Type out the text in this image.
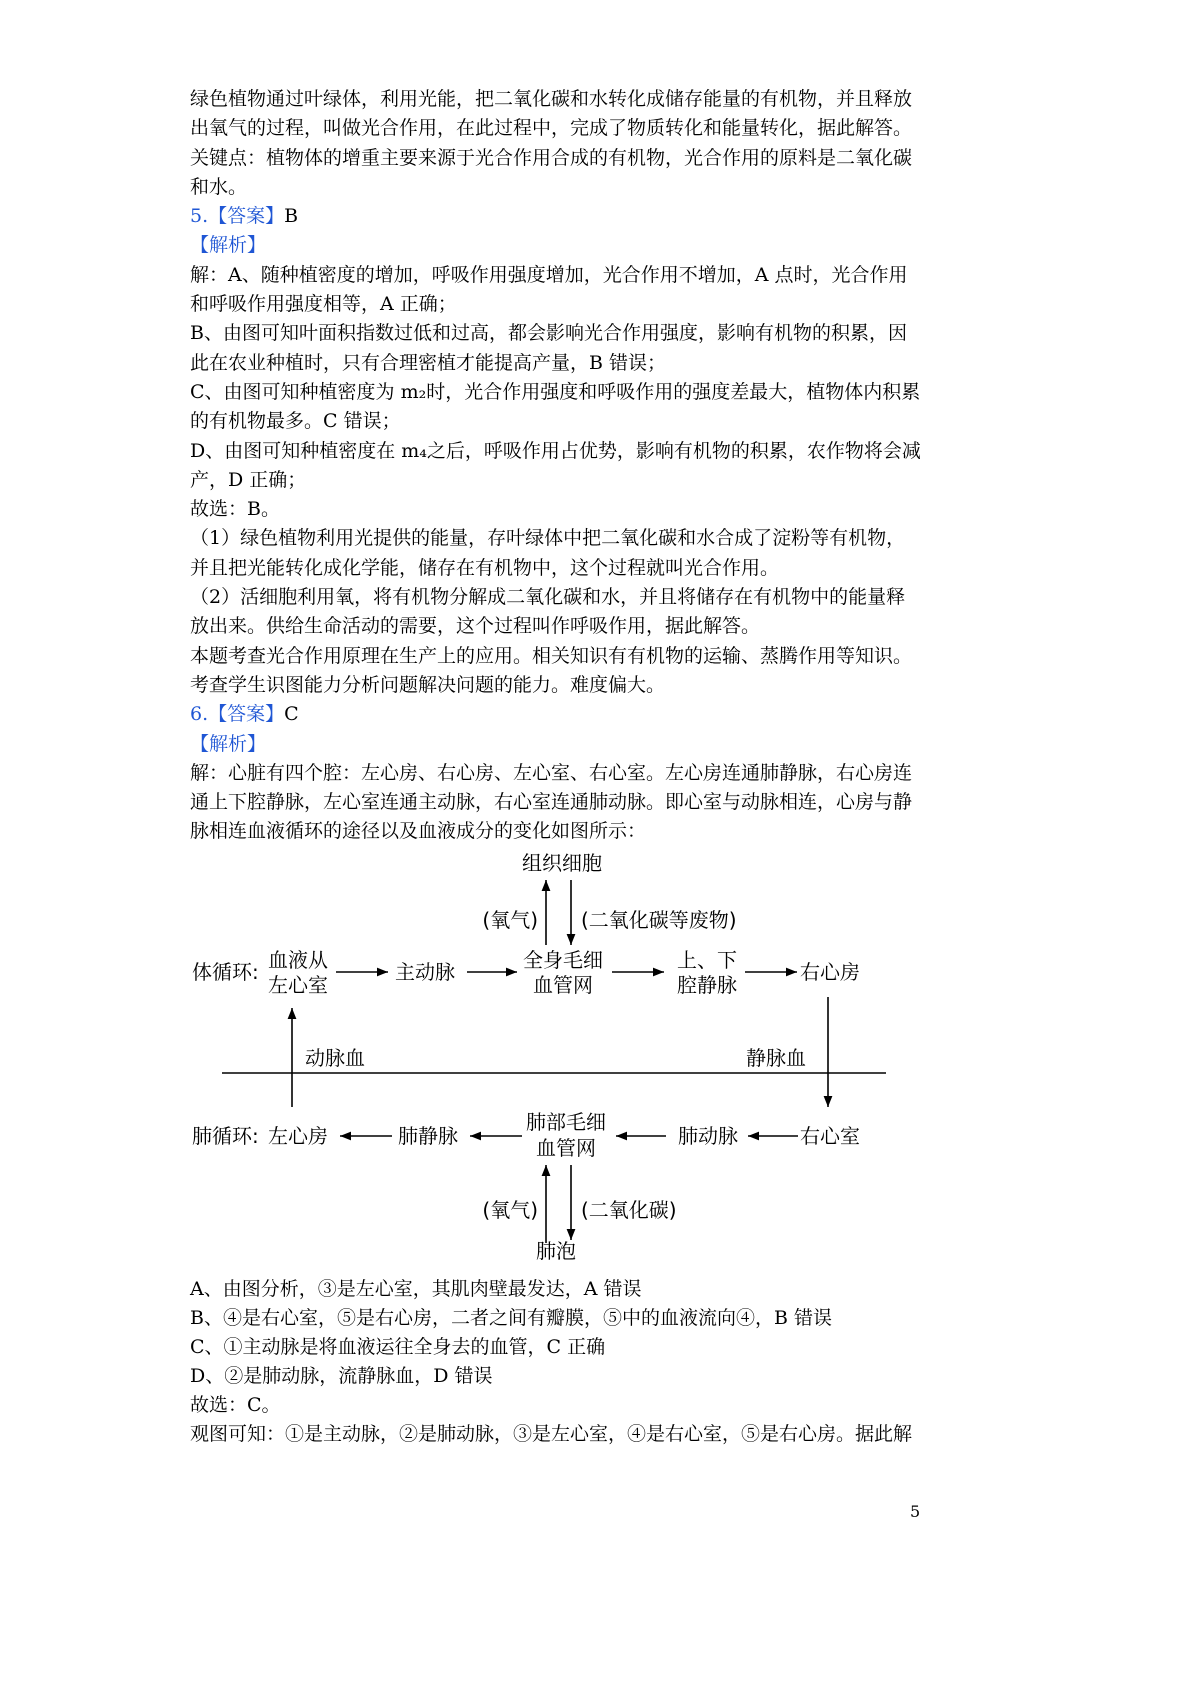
绿色植物通过叶绿体，利用光能，把二氧化碳和水转化成储存能量的有机物，并且释放
出氧气的过程，叫做光合作用，在此过程中，完成了物质转化和能量转化，据此解答。
关键点：植物体的增重主要来源于光合作用合成的有机物，光合作用的原料是二氧化碳
和水。
5.【答案】B
【解析】
解：A、随种植密度的增加，呼吸作用强度增加，光合作用不增加，A 点时，光合作用
和呼吸作用强度相等，A 正确；
B、由图可知叶面积指数过低和过高，都会影响光合作用强度，影响有机物的积累，因
此在农业种植时，只有合理密植才能提高产量，B 错误；
C、由图可知种植密度为 m₂时，光合作用强度和呼吸作用的强度差最大，植物体内积累
的有机物最多。C 错误；
D、由图可知种植密度在 m₄之后，呼吸作用占优势，影响有机物的积累，农作物将会减
产，D 正确；
故选：B。
（1）绿色植物利用光提供的能量，存叶绿体中把二氧化碳和水合成了淀粉等有机物，
并且把光能转化成化学能，储存在有机物中，这个过程就叫光合作用。
（2）活细胞利用氧，将有机物分解成二氧化碳和水，并且将储存在有机物中的能量释
放出来。供给生命活动的需要，这个过程叫作呼吸作用，据此解答。
本题考查光合作用原理在生产上的应用。相关知识有有机物的运输、蒸腾作用等知识。
考查学生识图能力分析问题解决问题的能力。难度偏大。
6.【答案】C
【解析】
解：心脏有四个腔：左心房、右心房、左心室、右心室。左心房连通肺静脉，右心房连
通上下腔静脉，左心室连通主动脉，右心室连通肺动脉。即心室与动脉相连，心房与静
脉相连血液循环的途径以及血液成分的变化如图所示：
组织细胞
(氧气) (二氧化碳等废物)
体循环: 血液从
左心室
主动脉	全身毛细
血管网
上、下
腔静脉
右心房
动脉血	静脉血
肺循环: 左心房	肺静脉
肺部毛细
血管网	肺动脉	右心室
(氧气) (二氧化碳)
肺泡
A、由图分析，③是左心室，其肌肉壁最发达，A 错误
B、④是右心室，⑤是右心房，二者之间有瓣膜，⑤中的血液流向④，B 错误
C、①主动脉是将血液运往全身去的血管，C 正确
D、②是肺动脉，流静脉血，D 错误
故选：C。
观图可知：①是主动脉，②是肺动脉，③是左心室，④是右心室，⑤是右心房。据此解
5
